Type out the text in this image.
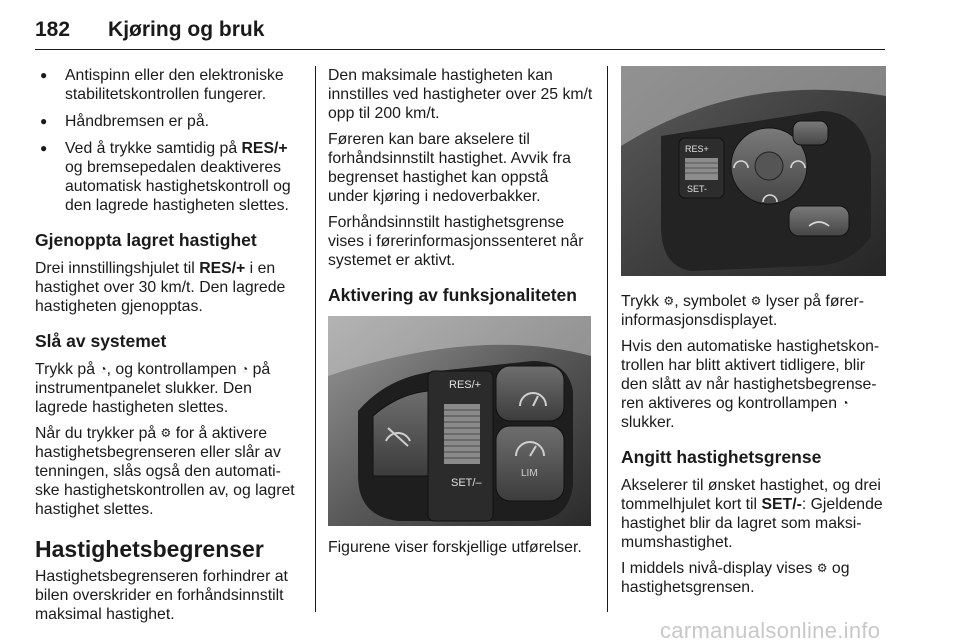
182 Kjøring og bruk
● Antispinn eller den elektroniske stabilitetskontrollen fungerer.
● Håndbremsen er på.
● Ved å trykke samtidig på RES/+ og bremsepedalen deaktiveres automatisk hastighetskontroll og den lagrede hastigheten slettes.
Gjenoppta lagret hastighet

Drei innstillingshjulet til RES/+ i en hastighet over 30 km/t. Den lagrede hastigheten gjenopptas.

Slå av systemet

Trykk på ◔, og kontrollampen ◔ på instrumentpanelet slukker. Den lagrede hastigheten slettes.

Når du trykker på ⚙ for å aktivere hastighetsbegrenseren eller slår av tenningen, slås også den automati-ske hastighetskontrollen av, og lagret hastighet slettes.

Hastighetsbegrenser

Hastighetsbegrenseren forhindrer at bilen overskrider en forhåndsinnstilt maksimal hastighet.

Den maksimale hastigheten kan innstilles ved hastigheter over 25 km/t opp til 200 km/t.

Føreren kan bare akselere til forhåndsinnstilt hastighet. Avvik fra begrenset hastighet kan oppstå under kjøring i nedoverbakker.

Forhåndsinnstilt hastighetsgrense vises i førerinformasjonssenteret når systemet er aktivt.

Aktivering av funksjonaliteten
RES/+
SET/–
LIM

Figurene viser forskjellige utførelser.

RES+
SET-

Trykk ⚙, symbolet ⚙ lyser på fører-informasjonsdisplayet.

Hvis den automatiske hastighetskon-trollen har blitt aktivert tidligere, blir den slått av når hastighetsbegrense-ren aktiveres og kontrollampen ◔ slukker.

Angitt hastighetsgrense

Akselerer til ønsket hastighet, og drei tommelhjulet kort til SET/-: Gjeldende hastighet blir da lagret som maksi-mumshastighet.

I middels nivå-display vises ⚙ og hastighetsgrensen.

carmanualsonline.info
